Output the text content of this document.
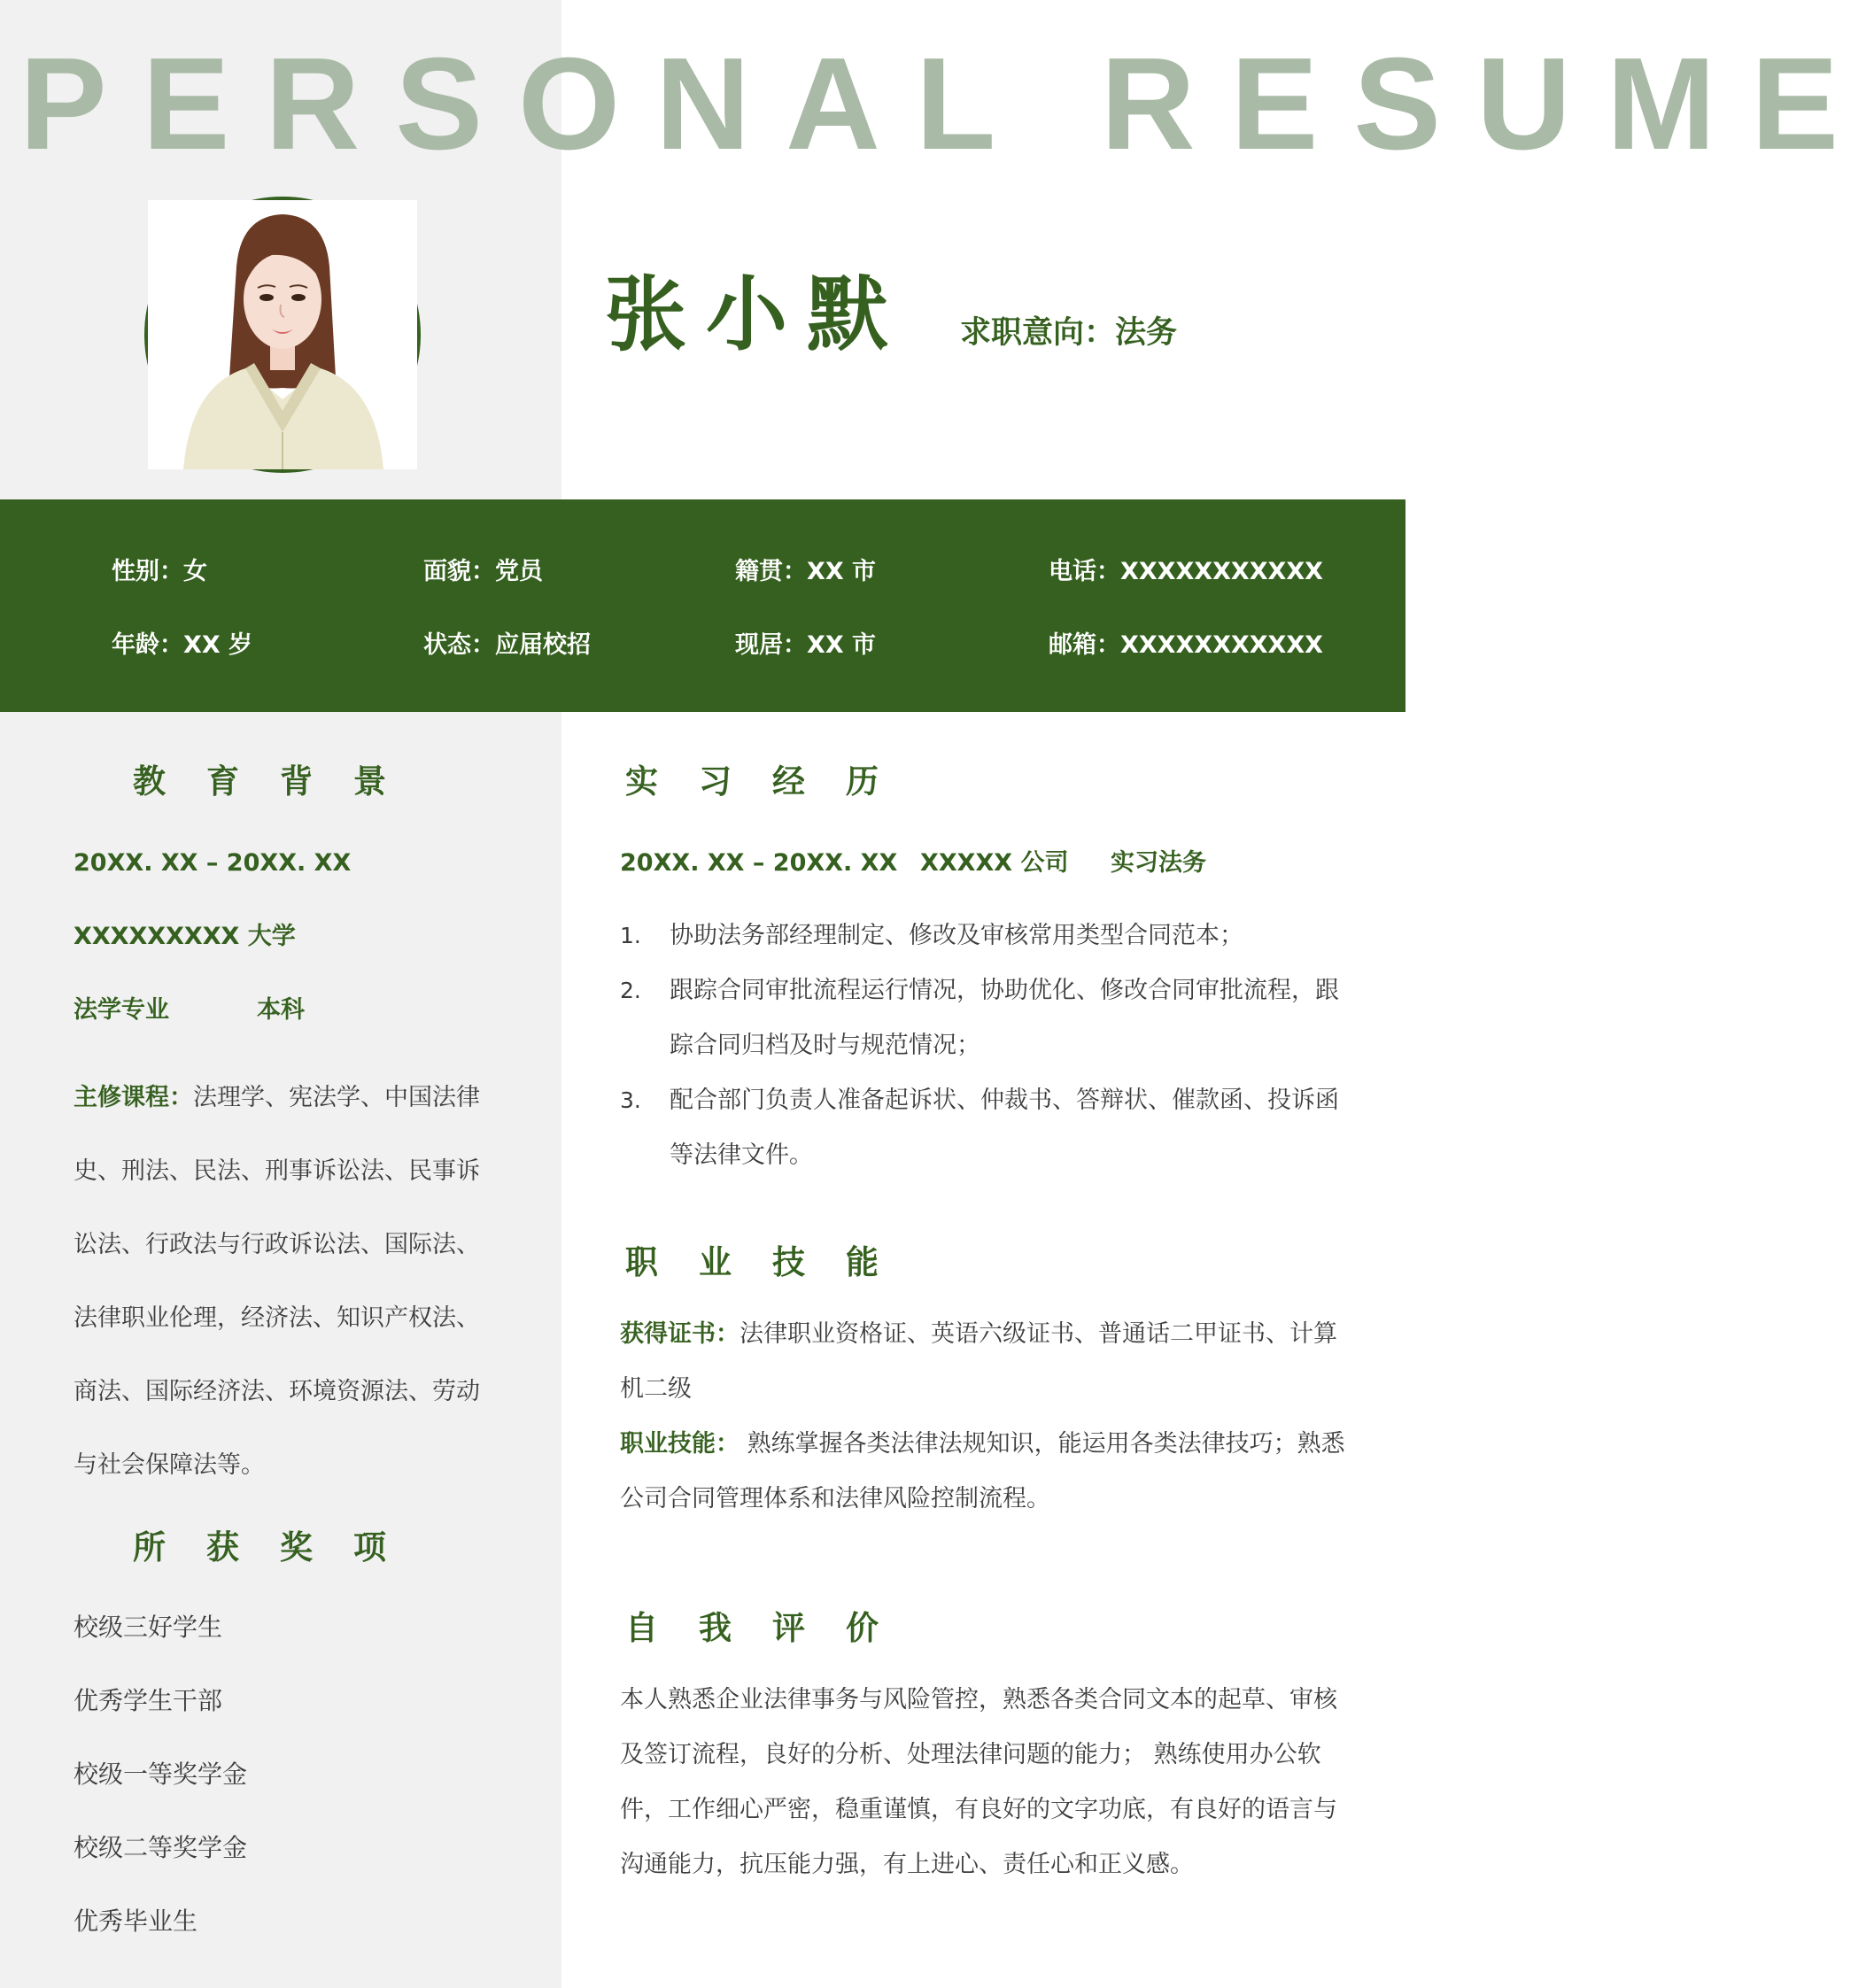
PERSONAL RESUME
张小默 求职意向：法务
性别：女
年龄：XX 岁
面貌：党员
状态：应届校招
籍贯：XX 市
现居：XX 市
电话：XXXXXXXXXXX
邮箱：XXXXXXXXXXX
教育背景
20XX. XX – 20XX. XX
XXXXXXXXX 大学
法学专业	本科

主修课程：法理学、宪法学、中国法律史、刑法、民法、刑事诉讼法、民事诉讼法、行政法与行政诉讼法、国际法、法律职业伦理，经济法、知识产权法、商法、国际经济法、环境资源法、劳动与社会保障法等。

所获奖项
校级三好学生
优秀学生干部
校级一等奖学金
校级二等奖学金
优秀毕业生
实习经历
20XX. XX – 20XX. XX XXXXX 公司 实习法务
1. 协助法务部经理制定、修改及审核常用类型合同范本；
2. 跟踪合同审批流程运行情况，协助优化、修改合同审批流程，跟踪合同归档及时与规范情况；
3. 配合部门负责人准备起诉状、仲裁书、答辩状、催款函、投诉函等法律文件。
职业技能

获得证书：法律职业资格证、英语六级证书、普通话二甲证书、计算机二级

职业技能： 熟练掌握各类法律法规知识，能运用各类法律技巧；熟悉公司合同管理体系和法律风险控制流程。

自我评价

本人熟悉企业法律事务与风险管控，熟悉各类合同文本的起草、审核及签订流程，良好的分析、处理法律问题的能力； 熟练使用办公软件，工作细心严密，稳重谨慎，有良好的文字功底，有良好的语言与沟通能力，抗压能力强，有上进心、责任心和正义感。
